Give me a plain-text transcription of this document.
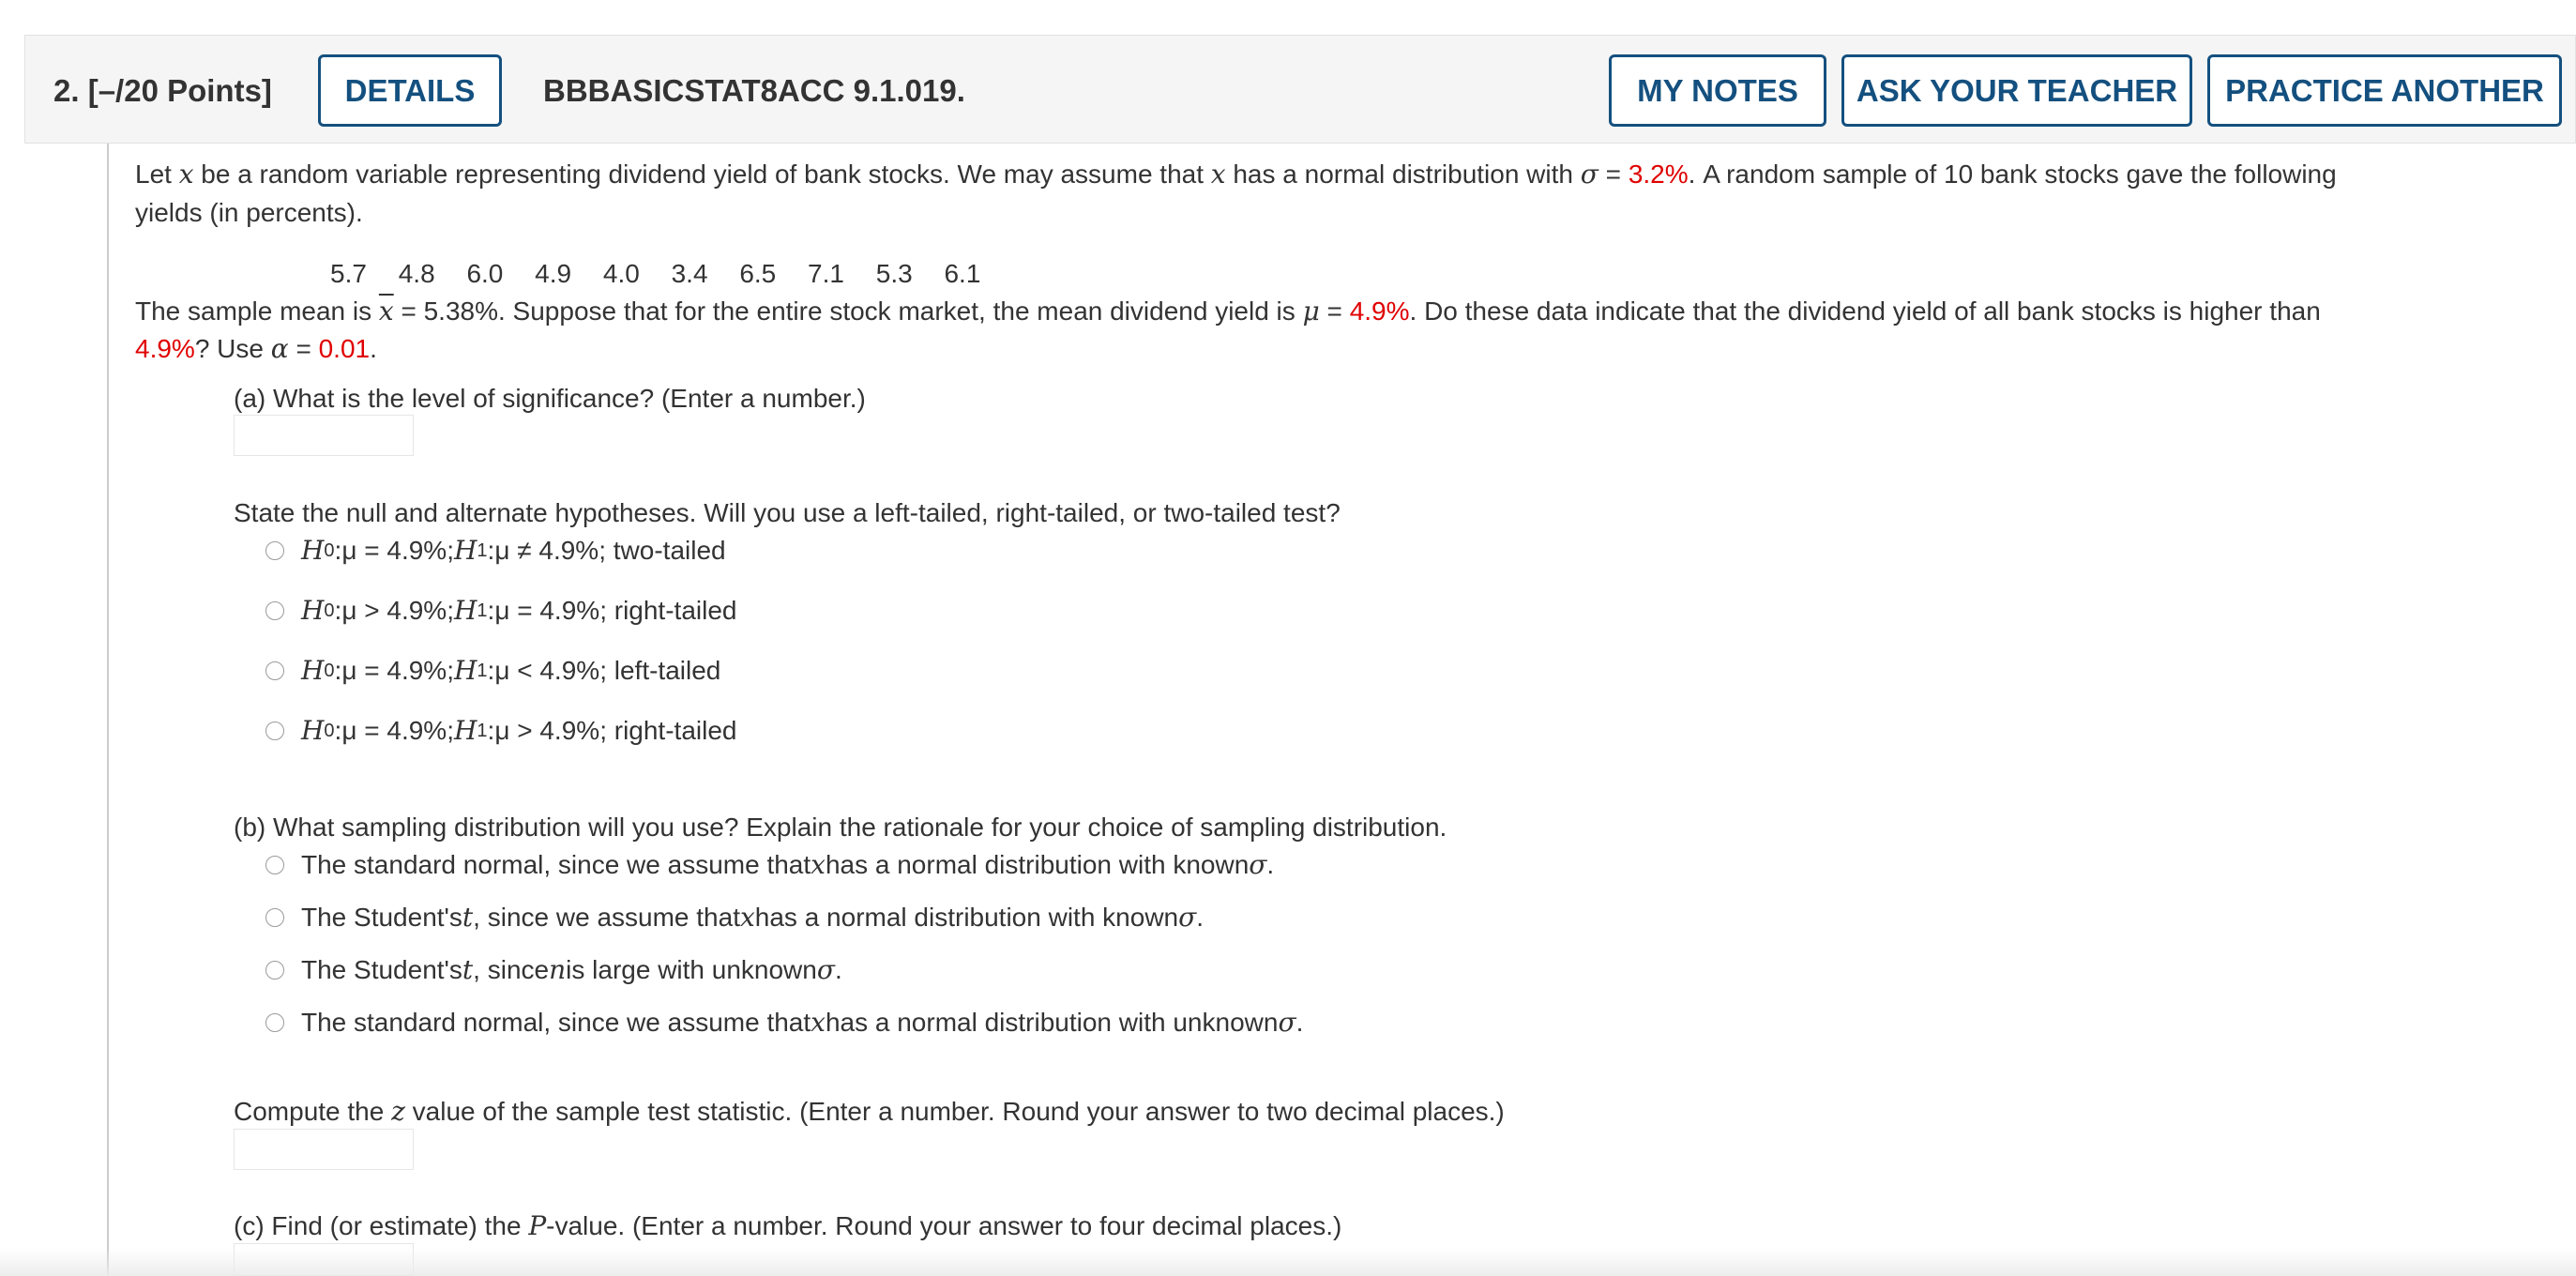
2. [–/20 Points]	DETAILS	BBBASICSTAT8ACC 9.1.019.	MY NOTES	ASK YOUR TEACHER	PRACTICE ANOTHER
Let x be a random variable representing dividend yield of bank stocks. We may assume that x has a normal distribution with σ = 3.2%. A random sample of 10 bank stocks gave the following
yields (in percents).
5.7 4.8 6.0 4.9 4.0 3.4 6.5 7.1 5.3 6.1
The sample mean is $\overline{x} = 5.38\%$. Suppose that for the entire stock market, the mean dividend yield is μ = 4.9%. Do these data indicate that the dividend yield of all bank stocks is higher than
4.9%? Use α = 0.01.
(a) What is the level of significance? (Enter a number.)
State the null and alternate hypotheses. Will you use a left-tailed, right-tailed, or two-tailed test?
H 0 : μ = 4.9% ; H 1 : μ ≠ 4.9% ; two-tailed
H 0 : μ > 4.9% ; H 1 : μ = 4.9% ; right-tailed
H 0 : μ = 4.9% ; H 1 : μ < 4.9% ; left-tailed
H 0 : μ = 4.9% ; H 1 : μ > 4.9% ; right-tailed
(b) What sampling distribution will you use? Explain the rationale for your choice of sampling distribution.
The standard normal, since we assume that x has a normal distribution with known σ .
The Student's t , since we assume that x has a normal distribution with known σ .
The Student's t , since n is large with unknown σ .
The standard normal, since we assume that x has a normal distribution with unknown σ .
Compute the z value of the sample test statistic. (Enter a number. Round your answer to two decimal places.)
(c) Find (or estimate) the P-value. (Enter a number. Round your answer to four decimal places.)
